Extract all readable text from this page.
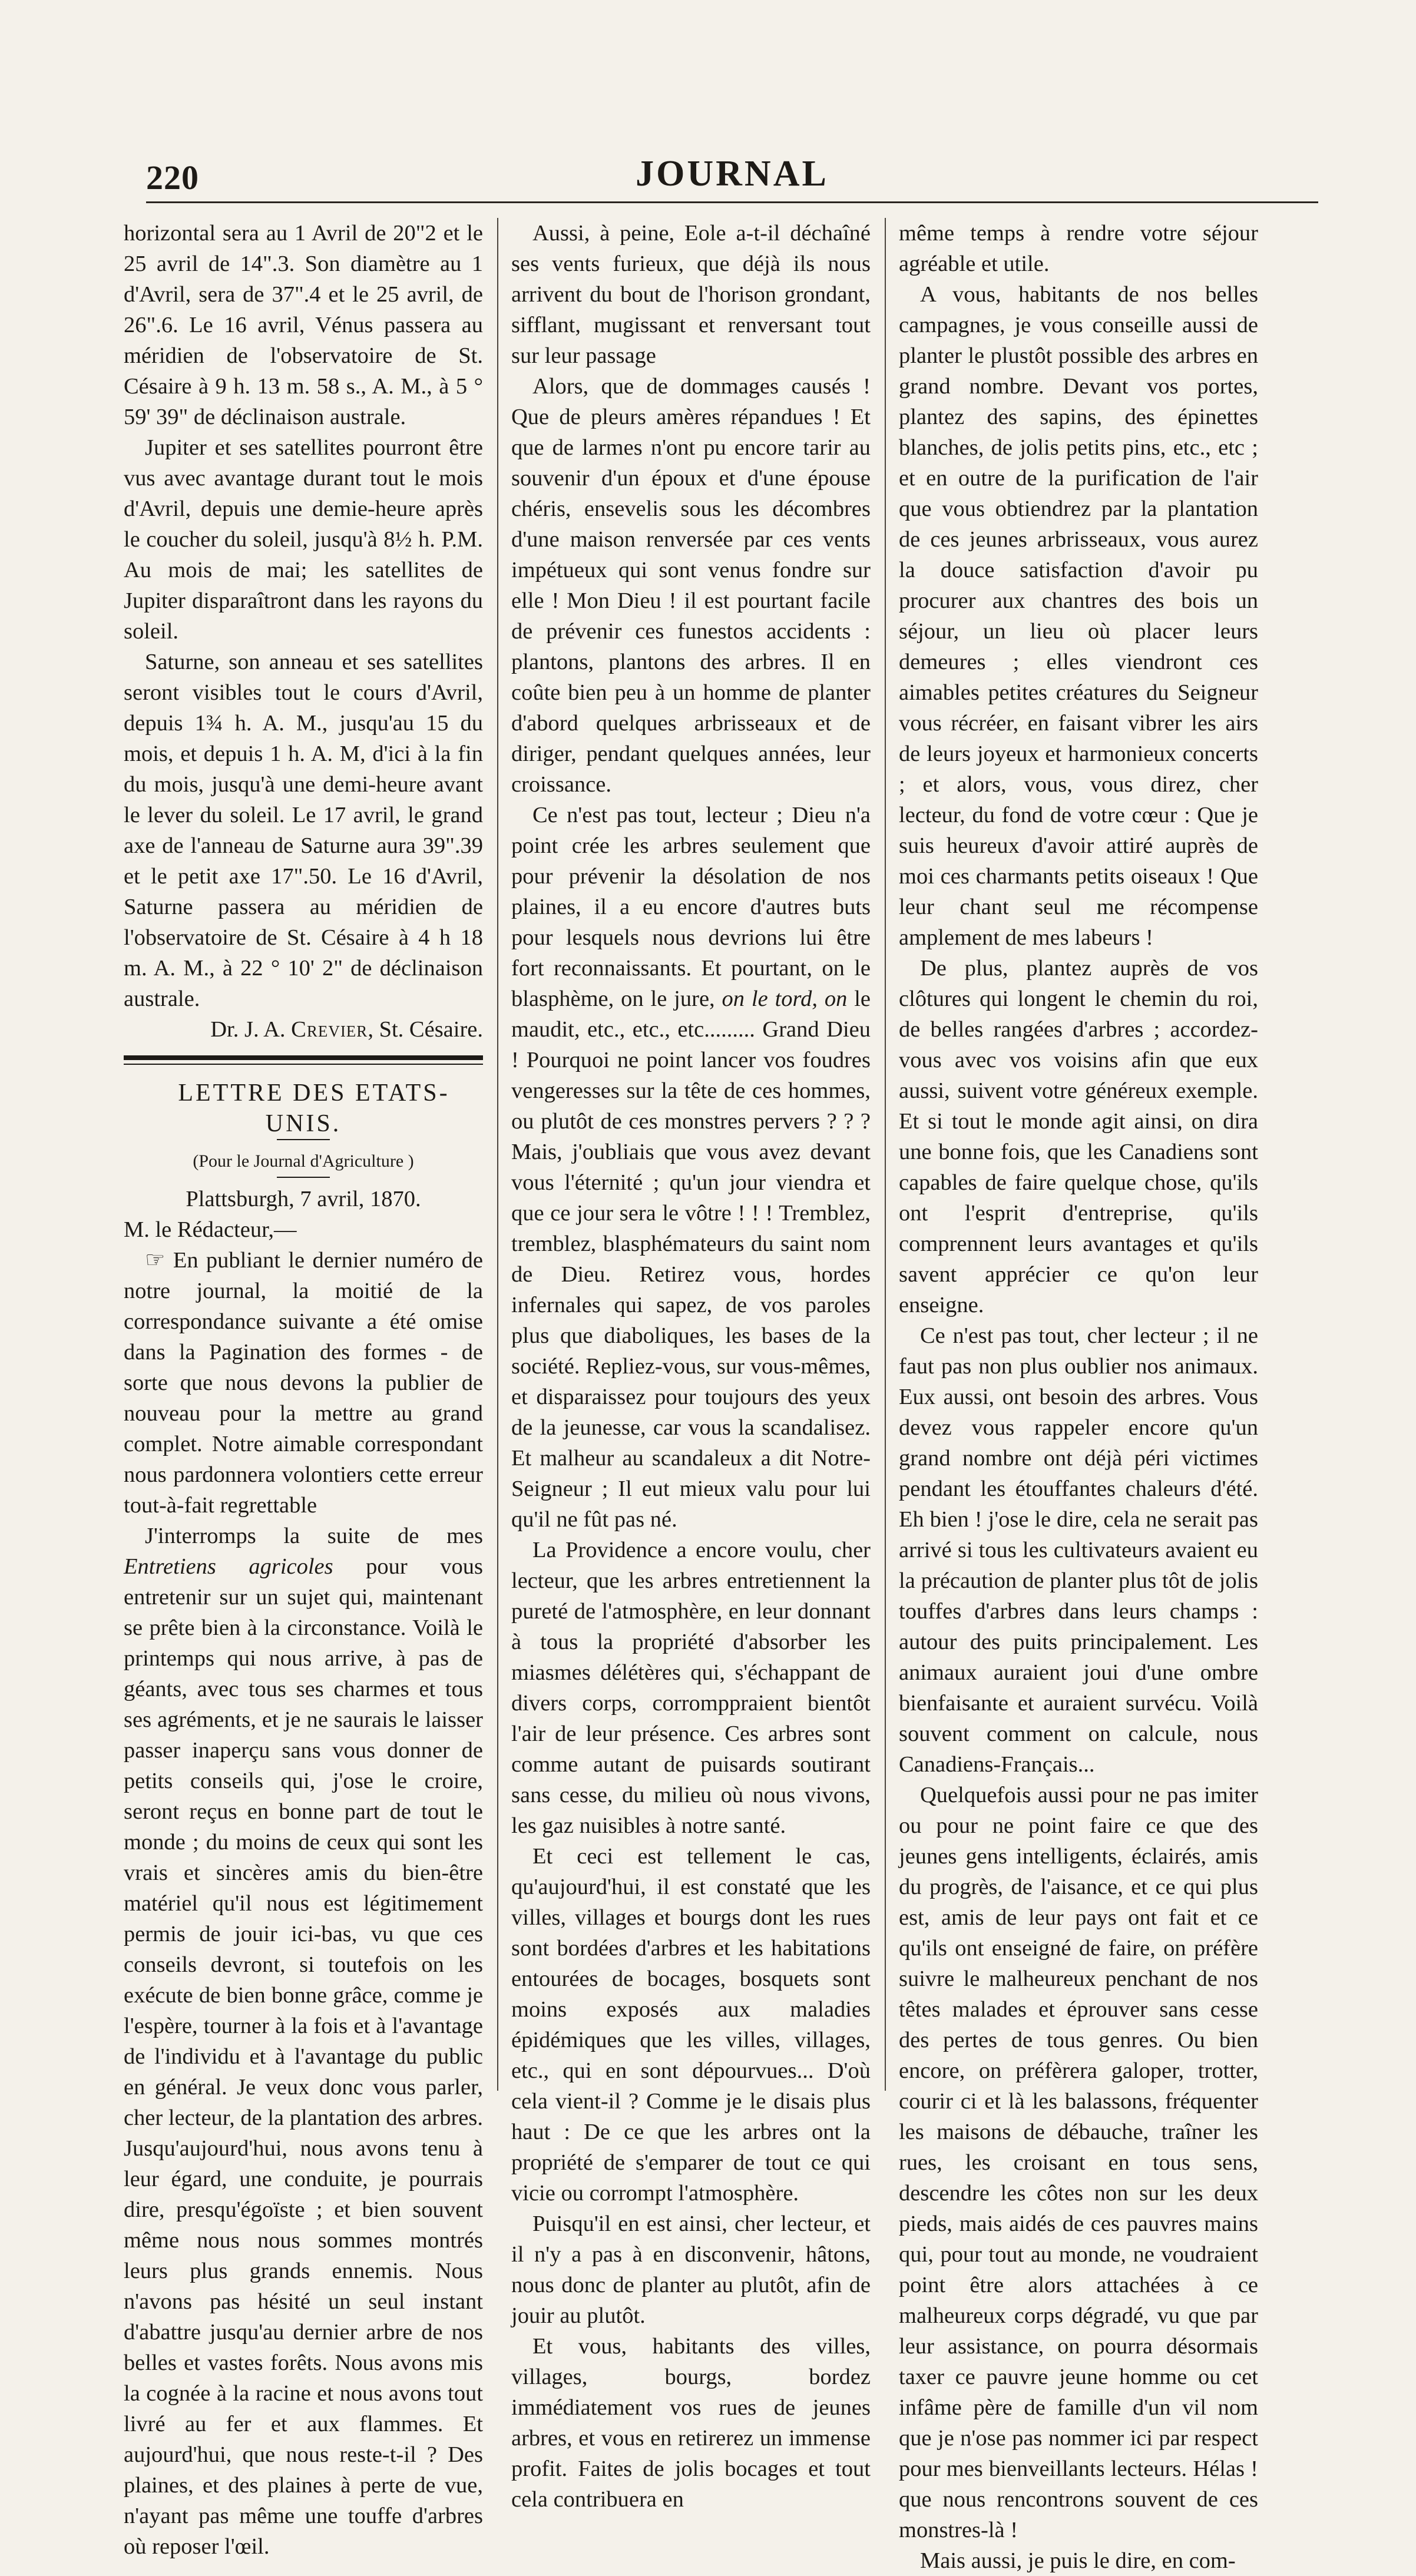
220	JOURNAL

horizontal sera au 1 Avril de 20"2 et le 25 avril de 14".3. Son diamètre au 1 d'Avril, sera de 37".4 et le 25 avril, de 26".6. Le 16 avril, Vénus passera au méridien de l'observatoire de St. Césaire à 9 h. 13 m. 58 s., A. M., à 5 ° 59' 39" de déclinaison australe.

Jupiter et ses satellites pourront être vus avec avantage durant tout le mois d'Avril, depuis une demie-heure après le coucher du soleil, jusqu'à 8½ h. P.M. Au mois de mai; les satellites de Jupiter disparaîtront dans les rayons du soleil.

Saturne, son anneau et ses satellites seront visibles tout le cours d'Avril, depuis 1¾ h. A. M., jusqu'au 15 du mois, et depuis 1 h. A. M, d'ici à la fin du mois, jusqu'à une demi-heure avant le lever du soleil. Le 17 avril, le grand axe de l'anneau de Saturne aura 39".39 et le petit axe 17".50. Le 16 d'Avril, Saturne passera au méridien de l'observatoire de St. Césaire à 4 h 18 m. A. M., à 22 ° 10' 2" de déclinaison australe.

Dr. J. A. Crevier, St. Césaire.

LETTRE DES ETATS-UNIS.

(Pour le Journal d'Agriculture )

Plattsburgh, 7 avril, 1870.

M. le Rédacteur,—

☞ En publiant le dernier numéro de notre journal, la moitié de la correspondance suivante a été omise dans la Pagination des formes - de sorte que nous devons la publier de nouveau pour la mettre au grand complet. Notre aimable correspondant nous pardonnera volontiers cette erreur tout-à-fait regrettable

J'interromps la suite de mes Entretiens agricoles pour vous entretenir sur un sujet qui, maintenant se prête bien à la circonstance. Voilà le printemps qui nous arrive, à pas de géants, avec tous ses charmes et tous ses agréments, et je ne saurais le laisser passer inaperçu sans vous donner de petits conseils qui, j'ose le croire, seront reçus en bonne part de tout le monde ; du moins de ceux qui sont les vrais et sincères amis du bien-être matériel qu'il nous est légitimement permis de jouir ici-bas, vu que ces conseils devront, si toutefois on les exécute de bien bonne grâce, comme je l'espère, tourner à la fois et à l'avantage de l'individu et à l'avantage du public en général. Je veux donc vous parler, cher lecteur, de la plantation des arbres. Jusqu'aujourd'hui, nous avons tenu à leur égard, une conduite, je pourrais dire, presqu'égoïste ; et bien souvent même nous nous sommes montrés leurs plus grands ennemis. Nous n'avons pas hésité un seul instant d'abattre jusqu'au dernier arbre de nos belles et vastes forêts. Nous avons mis la cognée à la racine et nous avons tout livré au fer et aux flammes. Et aujourd'hui, que nous reste-t-il ? Des plaines, et des plaines à perte de vue, n'ayant pas même une touffe d'arbres où reposer l'œil.

Aussi, à peine, Eole a-t-il déchaîné ses vents furieux, que déjà ils nous arrivent du bout de l'horison grondant, sifflant, mugissant et renversant tout sur leur passage

Alors, que de dommages causés ! Que de pleurs amères répandues ! Et que de larmes n'ont pu encore tarir au souvenir d'un époux et d'une épouse chéris, ensevelis sous les décombres d'une maison renversée par ces vents impétueux qui sont venus fondre sur elle ! Mon Dieu ! il est pourtant facile de prévenir ces funestos accidents : plantons, plantons des arbres. Il en coûte bien peu à un homme de planter d'abord quelques arbrisseaux et de diriger, pendant quelques années, leur croissance.

Ce n'est pas tout, lecteur ; Dieu n'a point crée les arbres seulement que pour prévenir la désolation de nos plaines, il a eu encore d'autres buts pour lesquels nous devrions lui être fort reconnaissants. Et pourtant, on le blasphème, on le jure, on le tord, on le maudit, etc., etc., etc......... Grand Dieu ! Pourquoi ne point lancer vos foudres vengeresses sur la tête de ces hommes, ou plutôt de ces monstres pervers ? ? ? Mais, j'oubliais que vous avez devant vous l'éternité ; qu'un jour viendra et que ce jour sera le vôtre ! ! ! Tremblez, tremblez, blasphémateurs du saint nom de Dieu. Retirez vous, hordes infernales qui sapez, de vos paroles plus que diaboliques, les bases de la société. Repliez-vous, sur vous-mêmes, et disparaissez pour toujours des yeux de la jeunesse, car vous la scandalisez. Et malheur au scandaleux a dit Notre-Seigneur ; Il eut mieux valu pour lui qu'il ne fût pas né.

La Providence a encore voulu, cher lecteur, que les arbres entretiennent la pureté de l'atmosphère, en leur donnant à tous la propriété d'absorber les miasmes délétères qui, s'échappant de divers corps, corromppraient bientôt l'air de leur présence. Ces arbres sont comme autant de puisards soutirant sans cesse, du milieu où nous vivons, les gaz nuisibles à notre santé.

Et ceci est tellement le cas, qu'aujourd'hui, il est constaté que les villes, villages et bourgs dont les rues sont bordées d'arbres et les habitations entourées de bocages, bosquets sont moins exposés aux maladies épidémiques que les villes, villages, etc., qui en sont dépourvues... D'où cela vient-il ? Comme je le disais plus haut : De ce que les arbres ont la propriété de s'emparer de tout ce qui vicie ou corrompt l'atmosphère.

Puisqu'il en est ainsi, cher lecteur, et il n'y a pas à en disconvenir, hâtons, nous donc de planter au plutôt, afin de jouir au plutôt.

Et vous, habitants des villes, villages, bourgs, bordez immédiatement vos rues de jeunes arbres, et vous en retirerez un immense profit. Faites de jolis bocages et tout cela contribuera en

même temps à rendre votre séjour agréable et utile.

A vous, habitants de nos belles campagnes, je vous conseille aussi de planter le plustôt possible des arbres en grand nombre. Devant vos portes, plantez des sapins, des épinettes blanches, de jolis petits pins, etc., etc ; et en outre de la purification de l'air que vous obtiendrez par la plantation de ces jeunes arbrisseaux, vous aurez la douce satisfaction d'avoir pu procurer aux chantres des bois un séjour, un lieu où placer leurs demeures ; elles viendront ces aimables petites créatures du Seigneur vous récréer, en faisant vibrer les airs de leurs joyeux et harmonieux concerts ; et alors, vous, vous direz, cher lecteur, du fond de votre cœur : Que je suis heureux d'avoir attiré auprès de moi ces charmants petits oiseaux ! Que leur chant seul me récompense amplement de mes labeurs !

De plus, plantez auprès de vos clôtures qui longent le chemin du roi, de belles rangées d'arbres ; accordez-vous avec vos voisins afin que eux aussi, suivent votre généreux exemple. Et si tout le monde agit ainsi, on dira une bonne fois, que les Canadiens sont capables de faire quelque chose, qu'ils ont l'esprit d'entreprise, qu'ils comprennent leurs avantages et qu'ils savent apprécier ce qu'on leur enseigne.

Ce n'est pas tout, cher lecteur ; il ne faut pas non plus oublier nos animaux. Eux aussi, ont besoin des arbres. Vous devez vous rappeler encore qu'un grand nombre ont déjà péri victimes pendant les étouffantes chaleurs d'été. Eh bien ! j'ose le dire, cela ne serait pas arrivé si tous les cultivateurs avaient eu la précaution de planter plus tôt de jolis touffes d'arbres dans leurs champs : autour des puits principalement. Les animaux auraient joui d'une ombre bienfaisante et auraient survécu. Voilà souvent comment on calcule, nous Canadiens-Français...

Quelquefois aussi pour ne pas imiter ou pour ne point faire ce que des jeunes gens intelligents, éclairés, amis du progrès, de l'aisance, et ce qui plus est, amis de leur pays ont fait et ce qu'ils ont enseigné de faire, on préfère suivre le malheureux penchant de nos têtes malades et éprouver sans cesse des pertes de tous genres. Ou bien encore, on préfèrera galoper, trotter, courir ci et là les balassons, fréquenter les maisons de débauche, traîner les rues, les croisant en tous sens, descendre les côtes non sur les deux pieds, mais aidés de ces pauvres mains qui, pour tout au monde, ne voudraient point être alors attachées à ce malheureux corps dégradé, vu que par leur assistance, on pourra désormais taxer ce pauvre jeune homme ou cet infâme père de famille d'un vil nom que je n'ose pas nommer ici par respect pour mes bienveillants lecteurs. Hélas ! que nous rencontrons souvent de ces monstres-là !

Mais aussi, je puis le dire, en com-
